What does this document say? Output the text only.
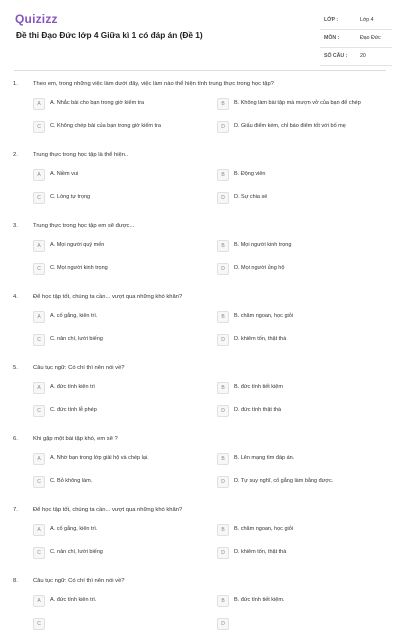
Quizizz
Đề thi Đạo Đức lớp 4 Giữa kì 1 có đáp án (Đề 1)
LỚP :	Lớp 4
MÔN :	Đạo Đức
SỐ CÂU : 20
1.	Theo em, trong những việc làm dưới đây, việc làm nào thể hiện tính trung thực trong học tập?
A	A. Nhắc bài cho bạn trong giờ kiểm tra	B	B. Không làm bài tập mà mượn vở của bạn để chép
C	C. Không chép bài của bạn trong giờ kiểm tra	D	D. Giấu điểm kém, chỉ báo điểm tốt với bố mẹ
2.	Trung thực trong học tập là thể hiện..
A	A. Niềm vui	B	B. Động viên
C	C. Lòng tự trọng	D	D. Sự chia sẻ
3.	Trung thực trong học tập em sẽ được...
A	A. Mọi người quý mến	B	B. Mọi người kinh trọng
C	C. Mọi người kinh trọng	D	D. Mọi người ủng hộ
4.	Để học tập tốt, chúng ta cần... vượt qua những khó khăn?
A	A. cố gắng, kiên trì.	B	B. chăm ngoan, học giỏi
C	C. nản chí, lười biếng	D	D. khiêm tốn, thật thà
5.	Câu tục ngữ: Có chí thì nên nói về?
A	A. đức tính kiên trì	B	B. đức tính tiết kiệm
C	C. đức tính lễ phép	D	D. đức tính thật thà
6.	Khi gặp một bài tập khó, em sẽ ?
A	A. Nhờ bạn trong lớp giải hộ và chép lại.	B	B. Lên mạng tìm đáp án.
C	C. Bỏ không làm.	D	D. Tự suy nghĩ, cố gắng làm bằng được.
7.	Để học tập tốt, chúng ta cần... vượt qua những khó khăn?
A	A. cố gắng, kiên trì.	B	B. chăm ngoan, học giỏi
C	C. nản chí, lười biếng	D	D. khiêm tốn, thật thà
8.	Câu tục ngữ: Có chí thì nên nói về?
A	A. đức tính kiên trì.	B	B. đức tính tiết kiệm.
C	D
